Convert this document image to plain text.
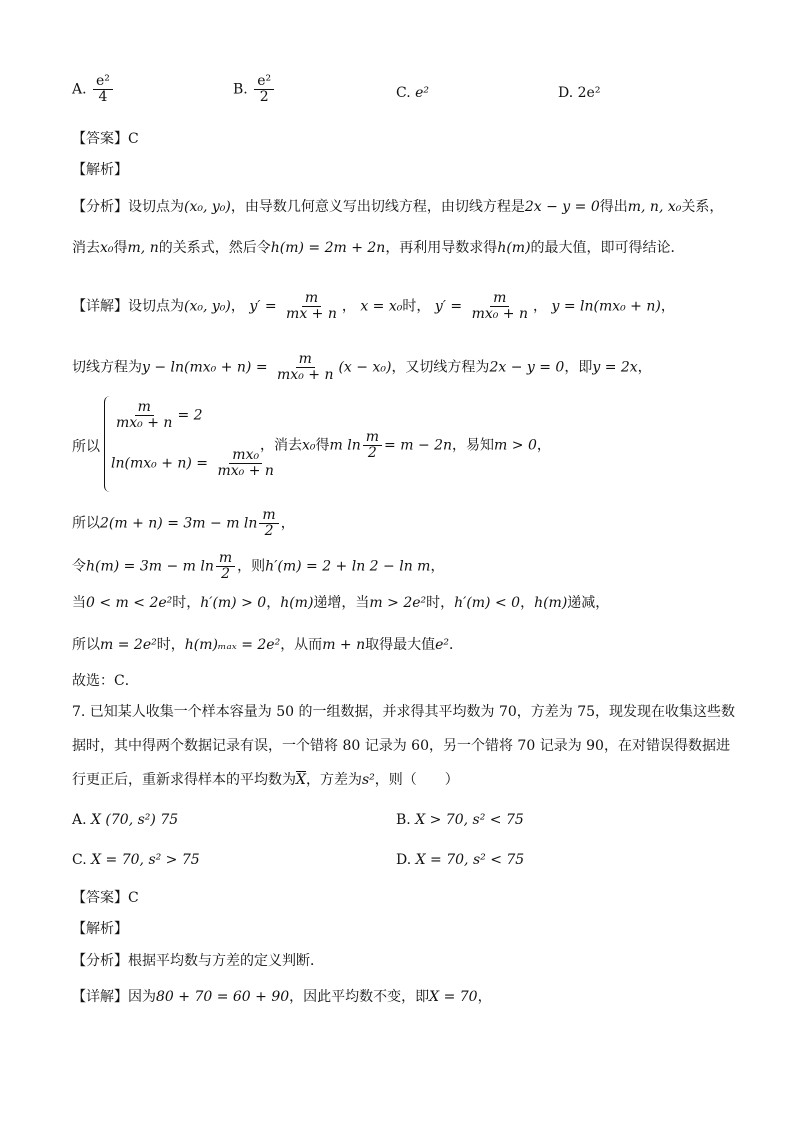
A. $\frac{\text{e²}}{4}$	B. $\frac{\text{e²}}{2}$	C. e²	D. 2e²
【答案】C
【解析】
【分析】设切点为(x₀, y₀)，由导数几何意义写出切线方程，由切线方程是2x − y = 0得出m, n, x₀关系，
消去x₀得m, n的关系式，然后令h(m) = 2m + 2n，再利用导数求得h(m)的最大值，即可得结论．
【详解】设切点为(x₀, y₀)， $y' = \frac{m}{mx + n}$ ， x = x₀时， $y' = \frac{m}{\text{mx₀ + n}}$ ， y = ln(mx₀ + n)，
切线方程为$y - \ln(mx_0 + n) = \frac{m}{\text{mx₀ + n}} (x - x_0)$，又切线方程为2x − y = 0，即y = 2x，
所以
$\frac{m}{\text{mx₀ + n}} = 2$
$\ln(mx_0 + n) = \frac{\text{mx₀}}{\text{mx₀ + n}}$
，消去x₀得m $\ln \frac{m}{2} = m - 2n$，易知m > 0，
所以2(m + n) = 3m − m $\ln \frac{m}{2}$ ，
令h(m) = 3m − m $\ln \frac{m}{2}$ ，则h′(m) = 2 + ln 2 − ln m，
当0 < m < 2e²时，h′(m) > 0，h(m)递增，当m > 2e²时，h′(m) < 0，h(m)递减，
所以m = 2e²时，h(m)ₘₐₓ = 2e²，从而m + n取得最大值e²．
故选：C．
7. 已知某人收集一个样本容量为 50 的一组数据，并求得其平均数为 70，方差为 75，现发现在收集这些数
据时，其中得两个数据记录有误，一个错将 80 记录为 60，另一个错将 70 记录为 90，在对错误得数据进
行更正后，重新求得样本的平均数为$\overline{X}$，方差为s²，则（　　）
A. X (70, s²) 75	B. X > 70, s² < 75
C. X = 70, s² > 75	D. X = 70, s² < 75
【答案】C
【解析】
【分析】根据平均数与方差的定义判断．
【详解】因为80 + 70 = 60 + 90，因此平均数不变，即X = 70，
